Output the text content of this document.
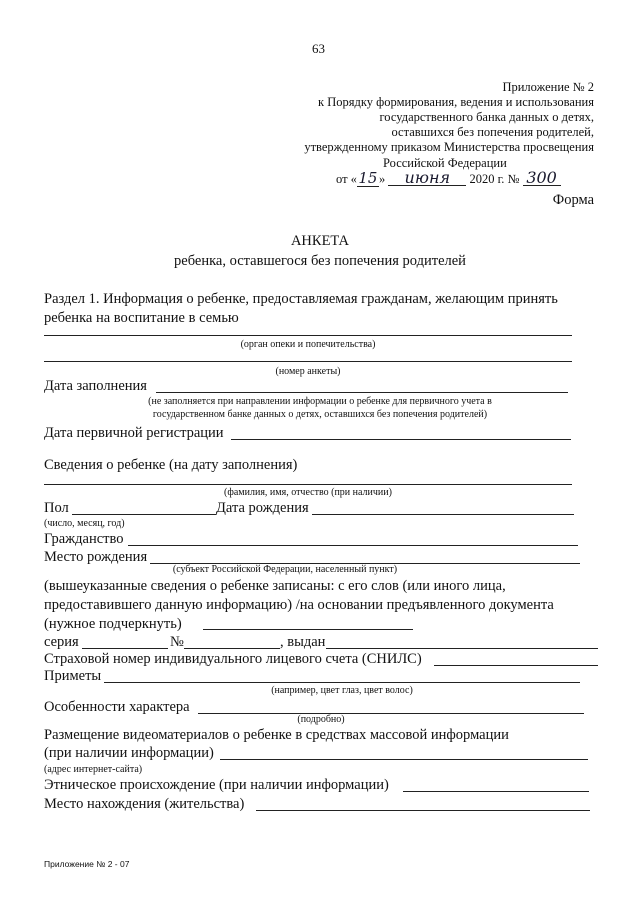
63
Приложение № 2
к Порядку формирования, ведения и использования
государственного банка данных о детях,
оставшихся без попечения родителей,
утвержденному приказом Министерства просвещения
Российской Федерации
от «15» июня 2020 г. № 300
Форма
АНКЕТА
ребенка, оставшегося без попечения родителей
Раздел 1. Информация о ребенке, предоставляемая гражданам, желающим принять
ребенка на воспитание в семью
(орган опеки и попечительства)
(номер анкеты)
Дата заполнения
(не заполняется при направлении информации о ребенке для первичного учета в
государственном банке данных о детях, оставшихся без попечения родителей)
Дата первичной регистрации
Сведения о ребенке (на дату заполнения)
(фамилия, имя, отчество (при наличии)
Пол	Дата рождения
(число, месяц, год)
Гражданство
Место рождения
(субъект Российской Федерации, населенный пункт)
(вышеуказанные сведения о ребенке записаны: с его слов (или иного лица,
предоставившего данную информацию) /на основании предъявленного документа
(нужное подчеркнуть)
серия	№	, выдан
Страховой номер индивидуального лицевого счета (СНИЛС)
Приметы
(например, цвет глаз, цвет волос)
Особенности характера
(подробно)
Размещение видеоматериалов о ребенке в средствах массовой информации
(при наличии информации)
(адрес интернет-сайта)
Этническое происхождение (при наличии информации)
Место нахождения (жительства)
Приложение № 2 - 07
